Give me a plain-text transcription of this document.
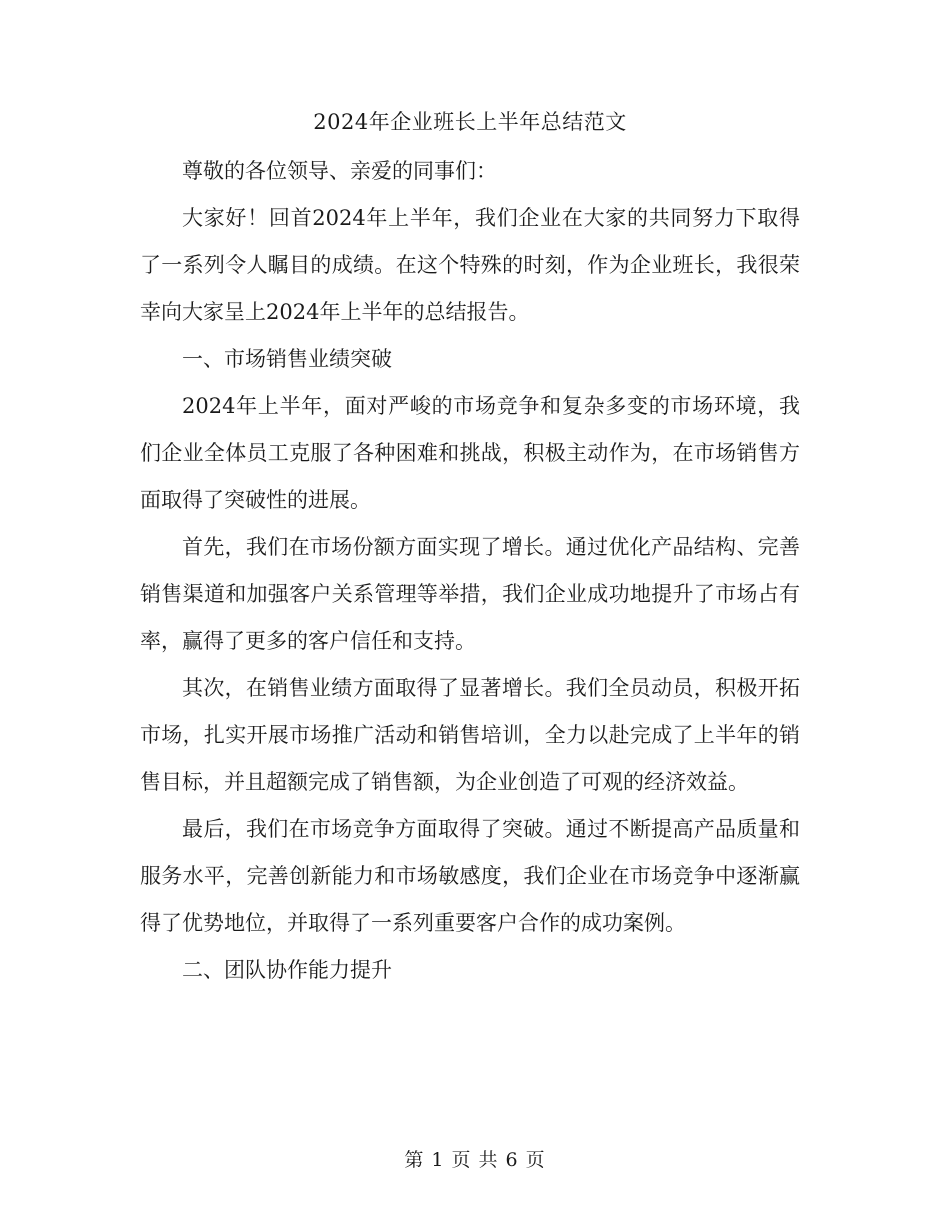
2024年企业班长上半年总结范文

尊敬的各位领导、亲爱的同事们：

大家好！回首2024年上半年，我们企业在大家的共同努力下取得了一系列令人瞩目的成绩。在这个特殊的时刻，作为企业班长，我很荣幸向大家呈上2024年上半年的总结报告。

一、市场销售业绩突破

2024年上半年，面对严峻的市场竞争和复杂多变的市场环境，我们企业全体员工克服了各种困难和挑战，积极主动作为，在市场销售方面取得了突破性的进展。

首先，我们在市场份额方面实现了增长。通过优化产品结构、完善销售渠道和加强客户关系管理等举措，我们企业成功地提升了市场占有率，赢得了更多的客户信任和支持。

其次，在销售业绩方面取得了显著增长。我们全员动员，积极开拓市场，扎实开展市场推广活动和销售培训，全力以赴完成了上半年的销售目标，并且超额完成了销售额，为企业创造了可观的经济效益。

最后，我们在市场竞争方面取得了突破。通过不断提高产品质量和服务水平，完善创新能力和市场敏感度，我们企业在市场竞争中逐渐赢得了优势地位，并取得了一系列重要客户合作的成功案例。

二、团队协作能力提升

第 1 页 共 6 页
